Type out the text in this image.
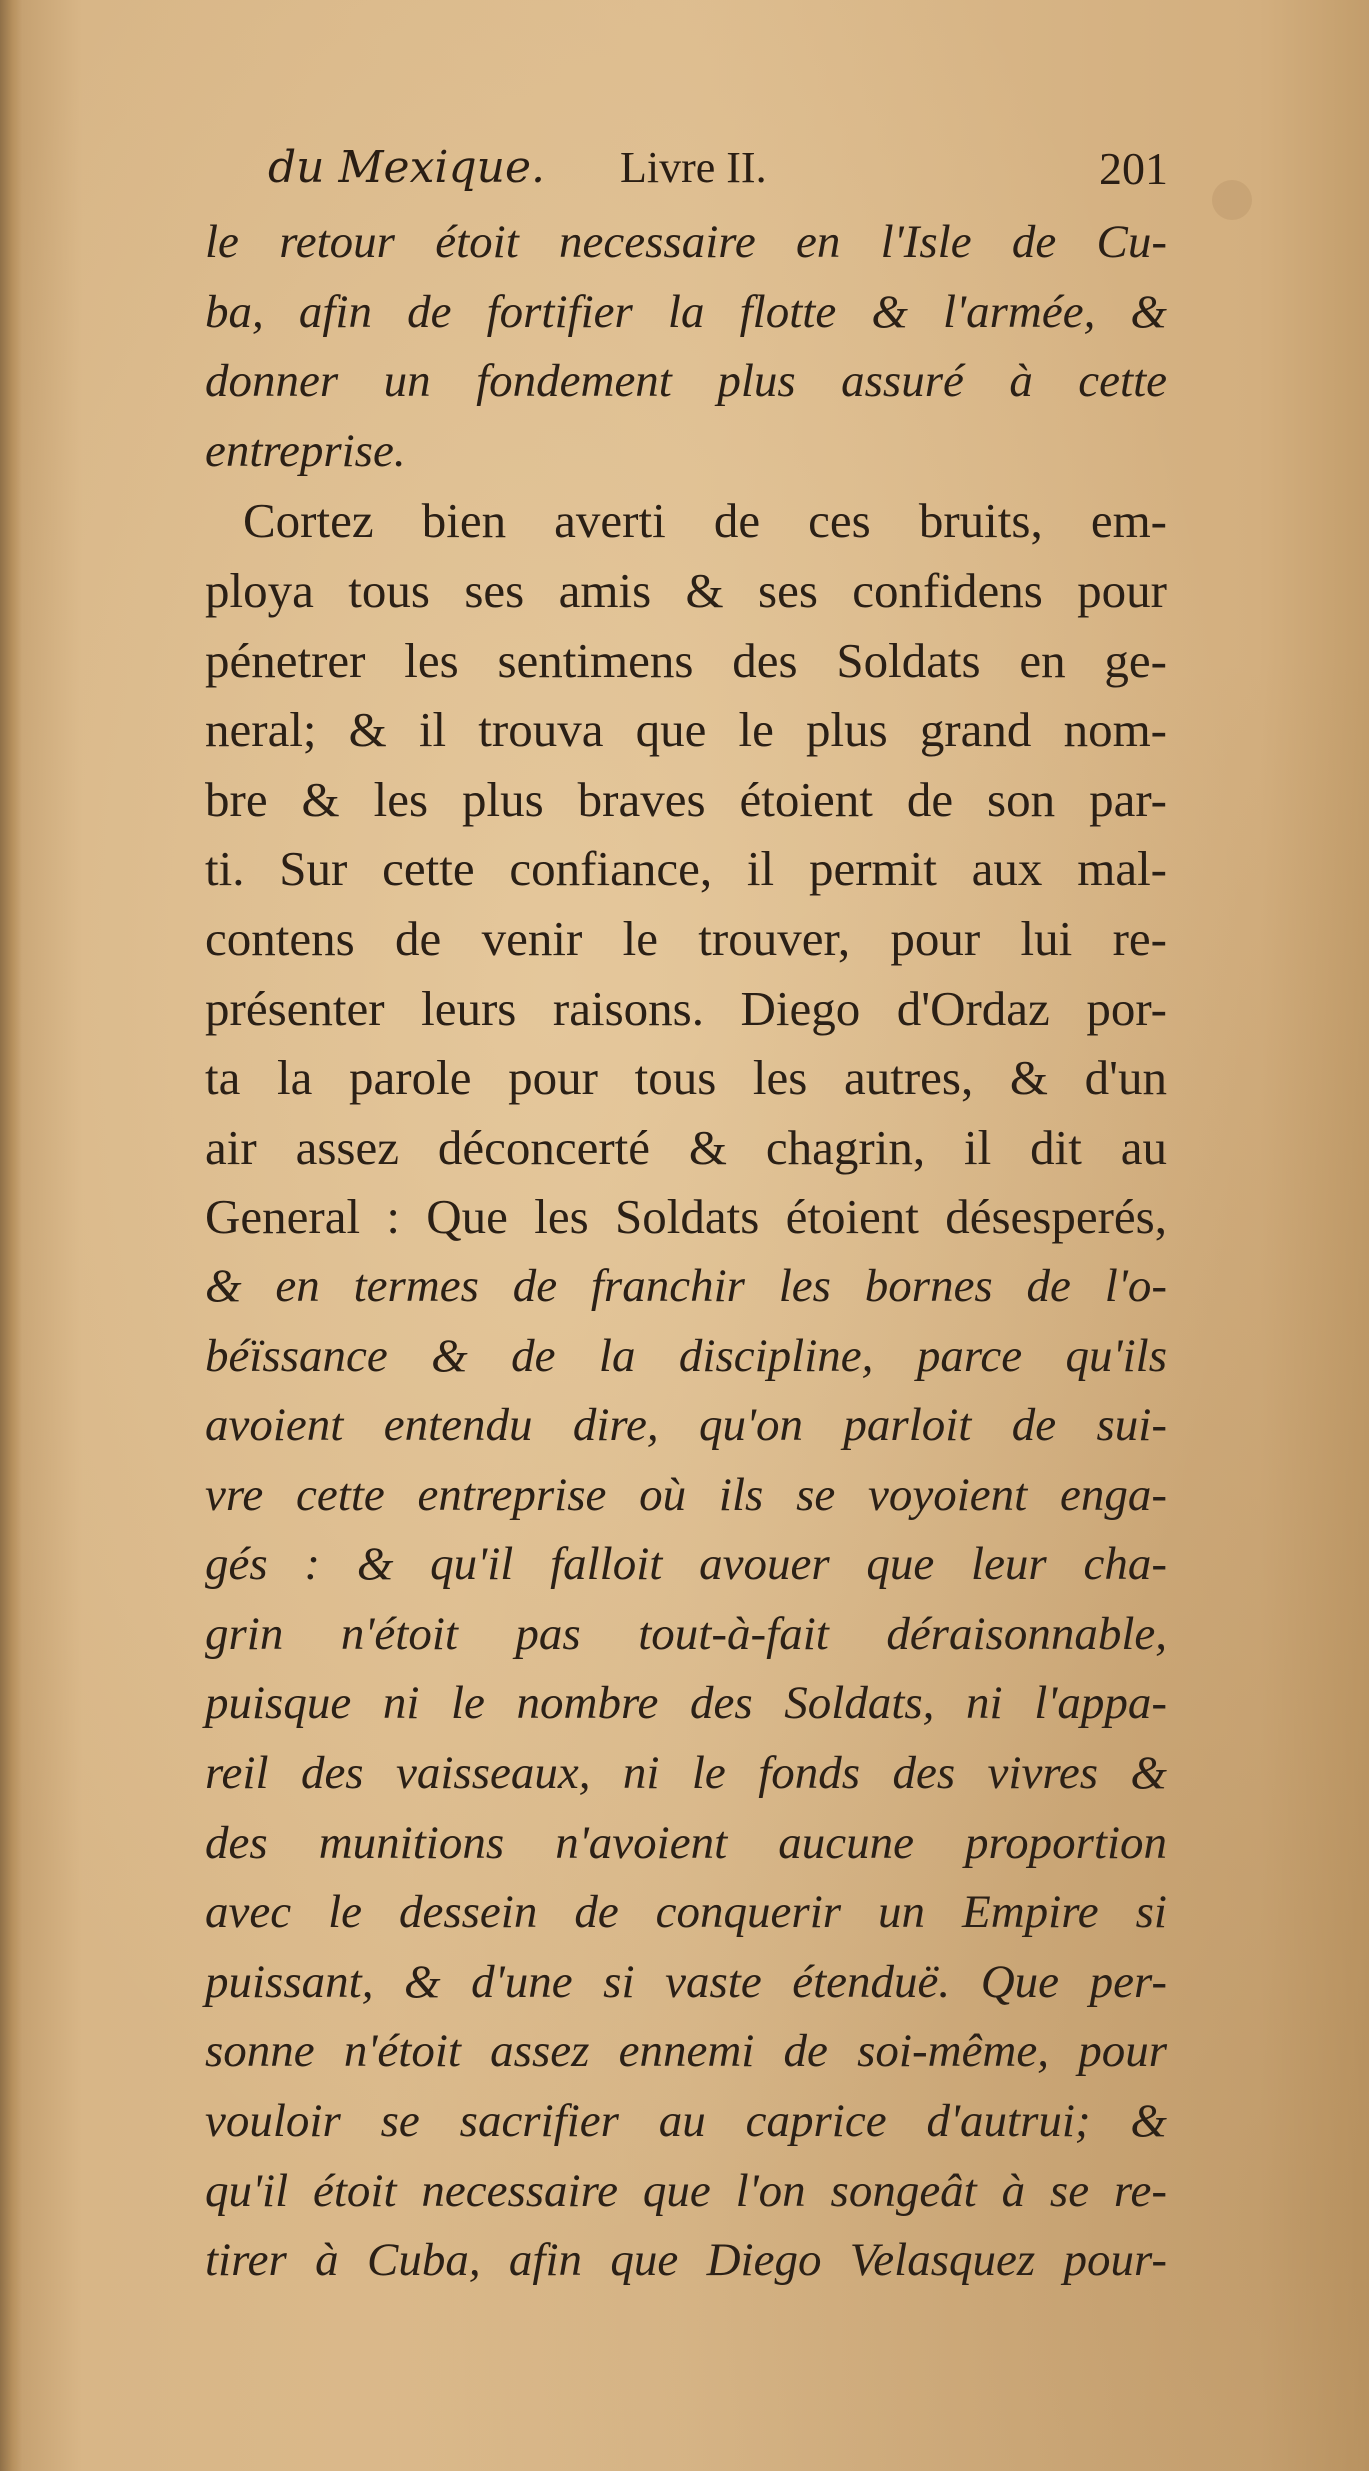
du Mexique. Livre II.	201
le retour étoit necessaire en l'Isle de Cu-
ba, afin de fortifier la flotte & l'armée, &
donner un fondement plus assuré à cette
entreprise.
Cortez bien averti de ces bruits, em-
ploya tous ses amis & ses confidens pour
pénetrer les sentimens des Soldats en ge-
neral; & il trouva que le plus grand nom-
bre & les plus braves étoient de son par-
ti. Sur cette confiance, il permit aux mal-
contens de venir le trouver, pour lui re-
présenter leurs raisons. Diego d'Ordaz por-
ta la parole pour tous les autres, & d'un
air assez déconcerté & chagrin, il dit au
General : Que les Soldats étoient désesperés,
& en termes de franchir les bornes de l'o-
béïssance & de la discipline, parce qu'ils
avoient entendu dire, qu'on parloit de sui-
vre cette entreprise où ils se voyoient enga-
gés : & qu'il falloit avouer que leur cha-
grin n'étoit pas tout-à-fait déraisonnable,
puisque ni le nombre des Soldats, ni l'appa-
reil des vaisseaux, ni le fonds des vivres &
des munitions n'avoient aucune proportion
avec le dessein de conquerir un Empire si
puissant, & d'une si vaste étenduë. Que per-
sonne n'étoit assez ennemi de soi-même, pour
vouloir se sacrifier au caprice d'autrui; &
qu'il étoit necessaire que l'on songeât à se re-
tirer à Cuba, afin que Diego Velasquez pour-
